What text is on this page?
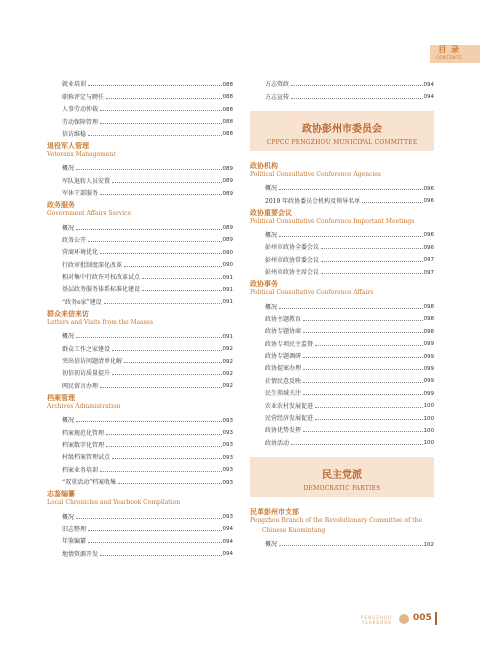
目 录
CONTENTS
就业培训	088
职称评定与聘任	088
人事劳动仲裁	088
劳动保障管理	088
信访维稳	088
退役军人管理
Veterans Management
概况	089
军队退转人员安置	089
军休干部服务	089
政务服务
Government Affairs Service
概况	089
政务公开	089
营商环境优化	090
行政审批制度深化改革	090
相对集中行政许可权改革试点	091
基层政务服务体系标准化建设	091
“政务e家”建设	091
群众来信来访
Letters and Visits from the Masses
概况	091
群众工作之家建设	092
突出信访问题清单化解	092
初信初访质量提升	092
网民留言办理	092
档案管理
Archives Administration
概况	093
档案规范化管理	093
档案数字化管理	093
村级档案管理试点	093
档案业务培训	093
“双重活动”档案收集	093
志鉴编纂
Local Chronicles and Yearbook Compilation
概况	093
旧志整理	094
年鉴编纂	094
地情资源开发	094
方志资政	094
方志宣传	094
政协彭州市委员会
CPPCC PENGZHOU MUNICIPAL COMMITTEE
政协机构
Political Consultative Conference Agencies
概况	096
2019 年政协委员会机构及领导名单	096
政协重要会议
Political Consultative Conference Important Meetings
概况	096
彭州市政协全委会议	096
彭州市政协常委会议	097
彭州市政协主席会议	097
政协事务
Political Consultative Conference Affairs
概况	098
政协主题教育	098
政协专题协商	098
政协专项民主监督	099
政协专题调研	099
政协提案办理	099
社情民意反映	099
民生领域关注	099
农业农村发展促进	100
民营经济发展促进	100
政协优势发挥	100
政协活动	100
民主党派
DEMOCRATIC PARTIES
民革彭州市支部
Pengzhou Branch of the Revolutionary Committee of the
Chinese Kuomintang
概况	102
PENGZHOU
YEARBOOK 005
